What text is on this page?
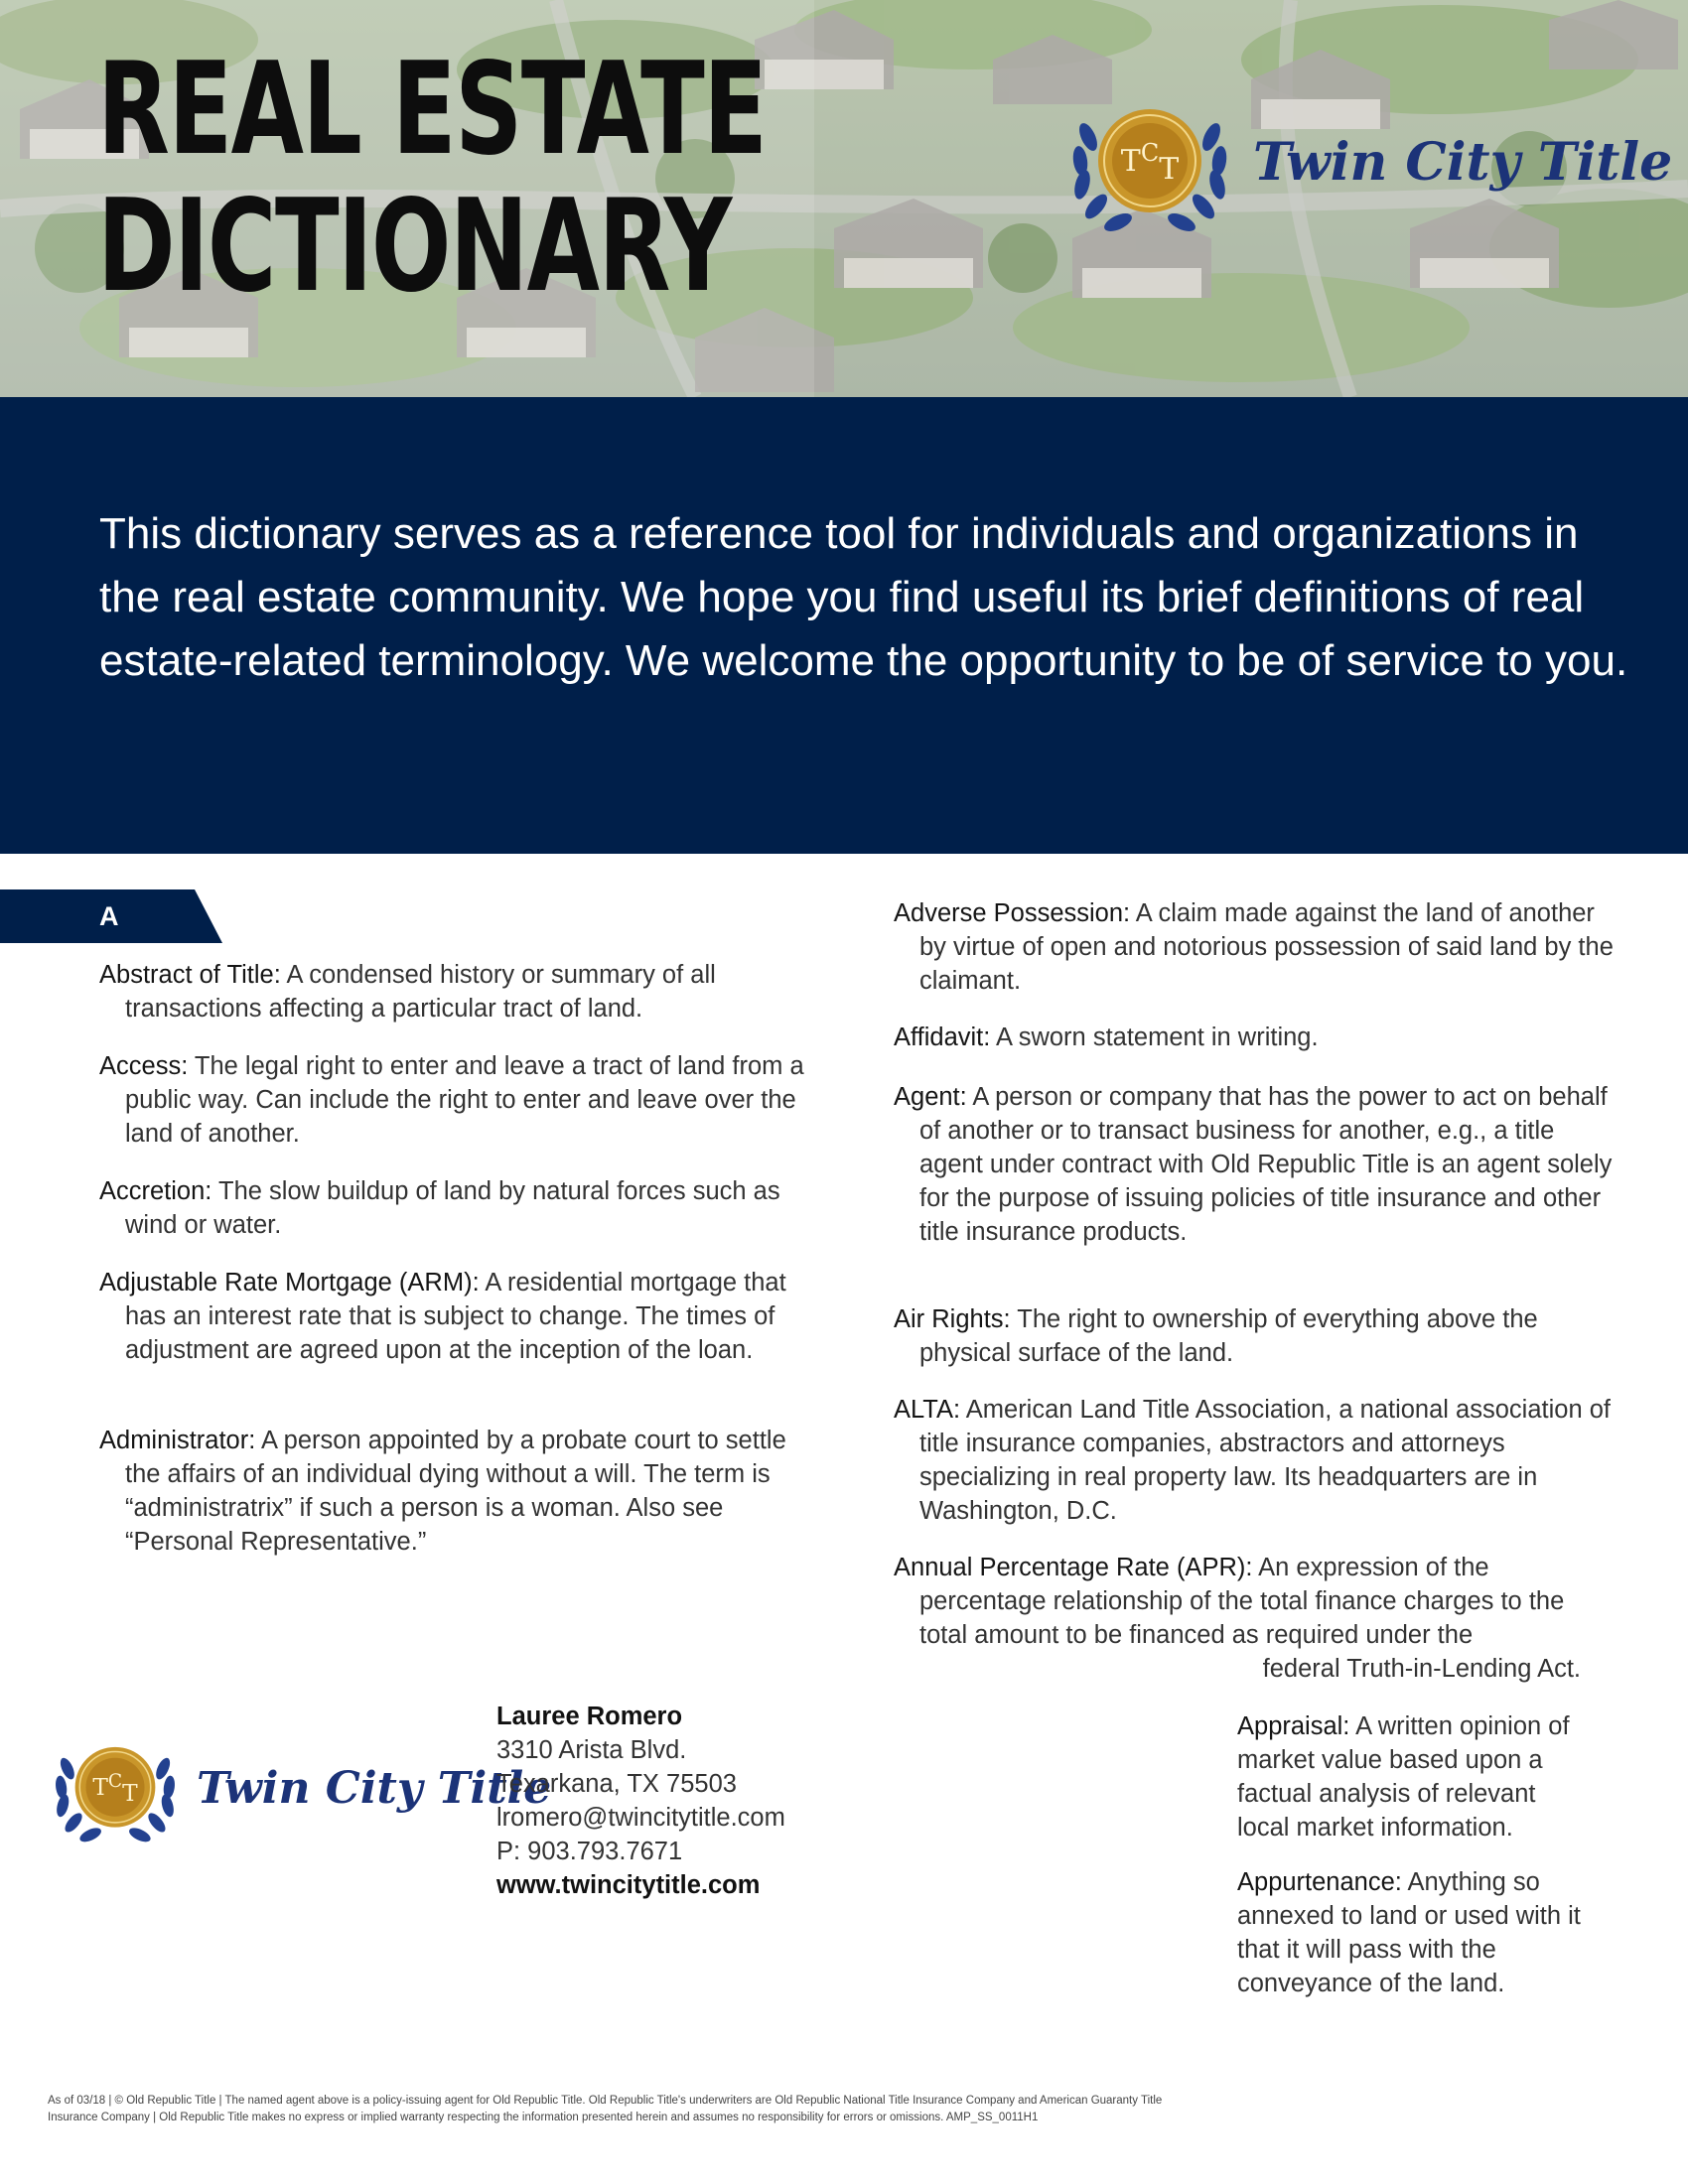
REAL ESTATE
DICTIONARY
$T^CT$ Twin City Title

This dictionary serves as a reference tool for individuals and organizations in the real estate community. We hope you find useful its brief definitions of real estate-related terminology. We welcome the opportunity to be of service to you.

A

Abstract of Title: A condensed history or summary of all transactions affecting a particular tract of land.

Access: The legal right to enter and leave a tract of land from a public way. Can include the right to enter and leave over the land of another.

Accretion: The slow buildup of land by natural forces such as wind or water.

Adjustable Rate Mortgage (ARM): A residential mortgage that has an interest rate that is subject to change. The times of adjustment are agreed upon at the inception of the loan.

Administrator: A person appointed by a probate court to settle the affairs of an individual dying without a will. The term is “administratrix” if such a person is a woman. Also see “Personal Representative.”

Adverse Possession: A claim made against the land of another by virtue of open and notorious possession of said land by the claimant.

Affidavit: A sworn statement in writing.

Agent: A person or company that has the power to act on behalf of another or to transact business for another, e.g., a title agent under contract with Old Republic Title is an agent solely for the purpose of issuing policies of title insurance and other title insurance products.

Air Rights: The right to ownership of everything above the physical surface of the land.

ALTA: American Land Title Association, a national association of title insurance companies, abstractors and attorneys specializing in real property law. Its headquarters are in Washington, D.C.

Annual Percentage Rate (APR): An expression of the percentage relationship of the total finance charges to the total amount to be financed as required under the

federal Truth-in-Lending Act.

Appraisal: A written opinion of market value based upon a factual analysis of relevant local market information.

Appurtenance: Anything so annexed to land or used with it that it will pass with the conveyance of the land.

$T^CT$ Twin City Title
Lauree Romero
3310 Arista Blvd.
Texarkana, TX 75503
lromero@twincitytitle.com
P: 903.793.7671
www.twincitytitle.com

As of 03/18 | © Old Republic Title | The named agent above is a policy-issuing agent for Old Republic Title. Old Republic Title's underwriters are Old Republic National Title Insurance Company and American Guaranty Title Insurance Company | Old Republic Title makes no express or implied warranty respecting the information presented herein and assumes no responsibility for errors or omissions. AMP_SS_0011H1
